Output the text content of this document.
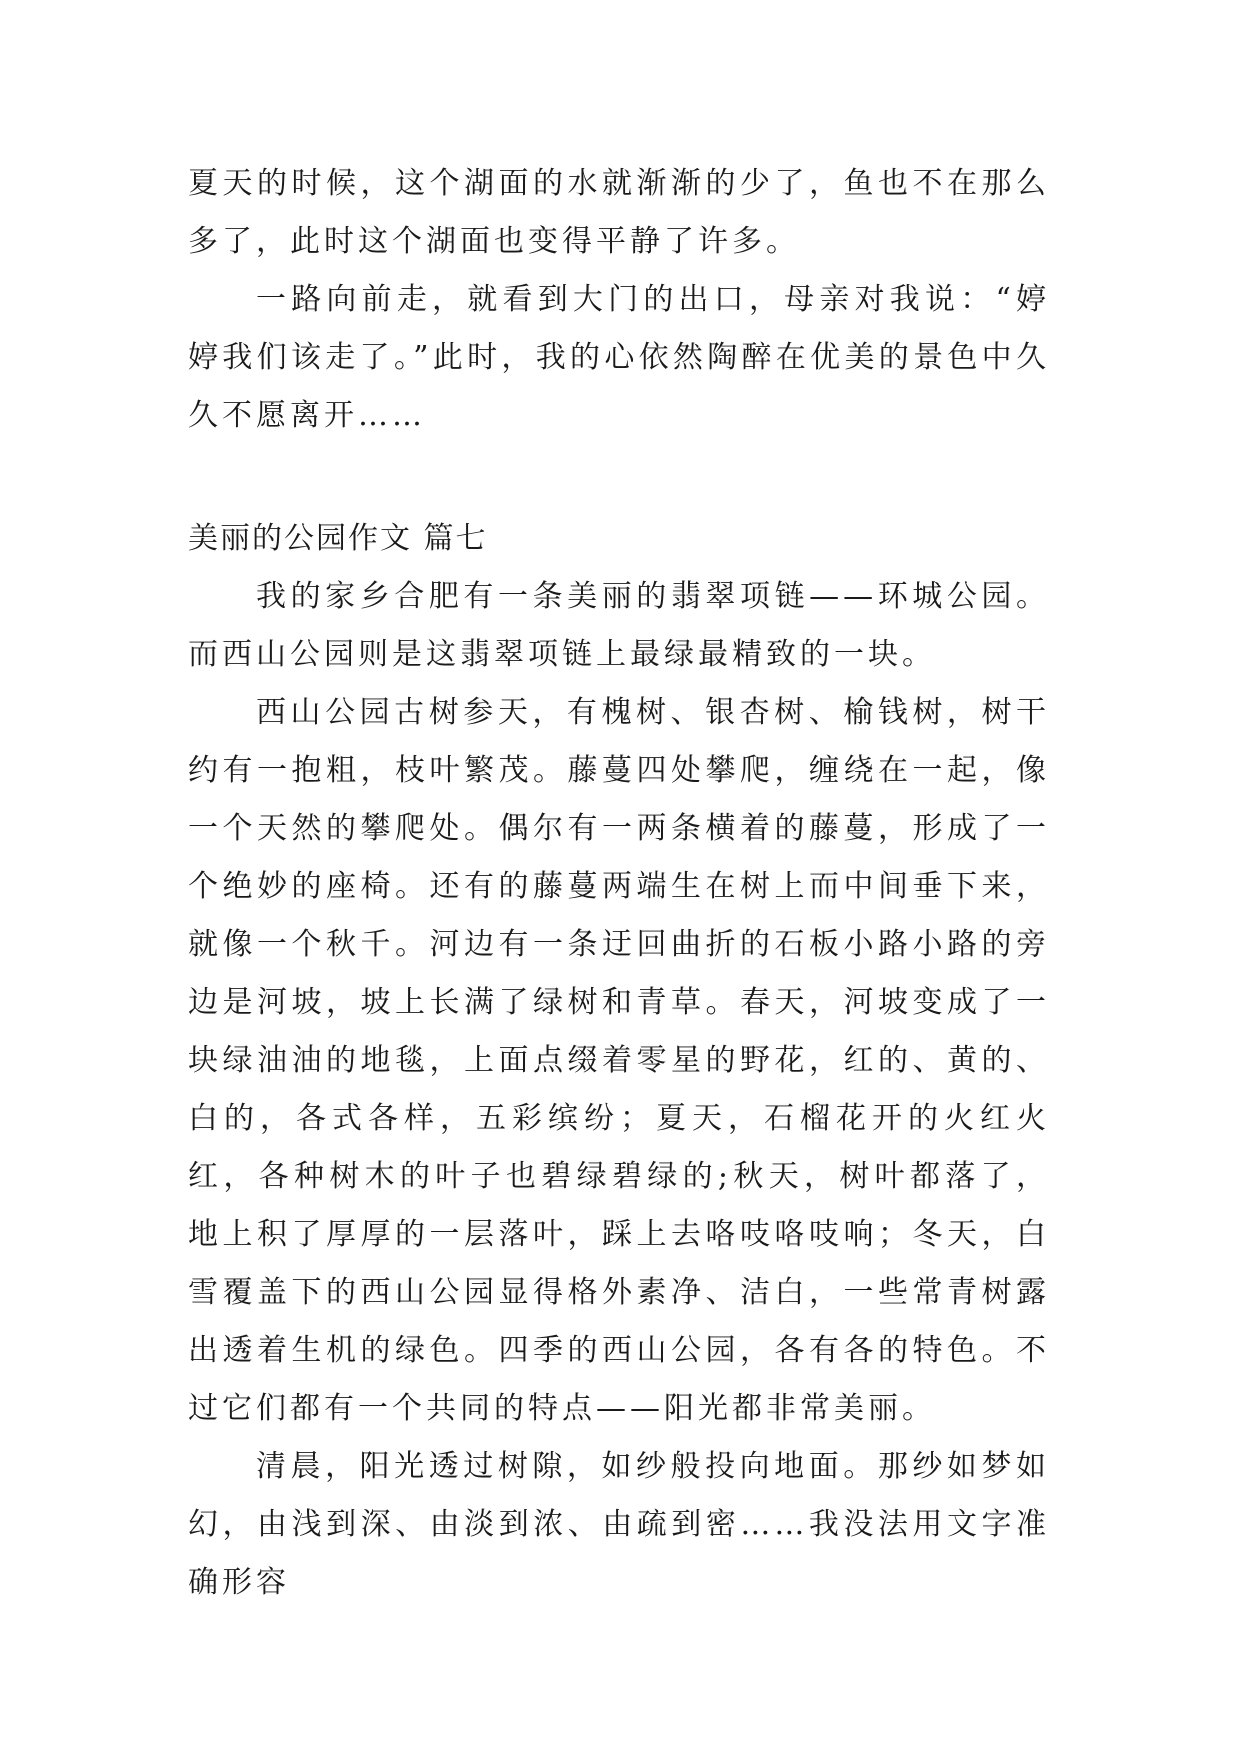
夏天的时候，这个湖面的水就渐渐的少了，鱼也不在那么多了，此时这个湖面也变得平静了许多。

一路向前走，就看到大门的出口，母亲对我说：“婷婷我们该走了。”此时，我的心依然陶醉在优美的景色中久久不愿离开……

美丽的公园作文 篇七

我的家乡合肥有一条美丽的翡翠项链——环城公园。而西山公园则是这翡翠项链上最绿最精致的一块。

西山公园古树参天，有槐树、银杏树、榆钱树，树干约有一抱粗，枝叶繁茂。藤蔓四处攀爬，缠绕在一起，像一个天然的攀爬处。偶尔有一两条横着的藤蔓，形成了一个绝妙的座椅。还有的藤蔓两端生在树上而中间垂下来，就像一个秋千。河边有一条迂回曲折的石板小路小路的旁边是河坡，坡上长满了绿树和青草。春天，河坡变成了一块绿油油的地毯，上面点缀着零星的野花，红的、黄的、白的，各式各样，五彩缤纷；夏天，石榴花开的火红火红，各种树木的叶子也碧绿碧绿的;秋天，树叶都落了，地上积了厚厚的一层落叶，踩上去咯吱咯吱响；冬天，白雪覆盖下的西山公园显得格外素净、洁白，一些常青树露出透着生机的绿色。四季的西山公园，各有各的特色。不过它们都有一个共同的特点——阳光都非常美丽。

清晨，阳光透过树隙，如纱般投向地面。那纱如梦如幻，由浅到深、由淡到浓、由疏到密……我没法用文字准确形容
